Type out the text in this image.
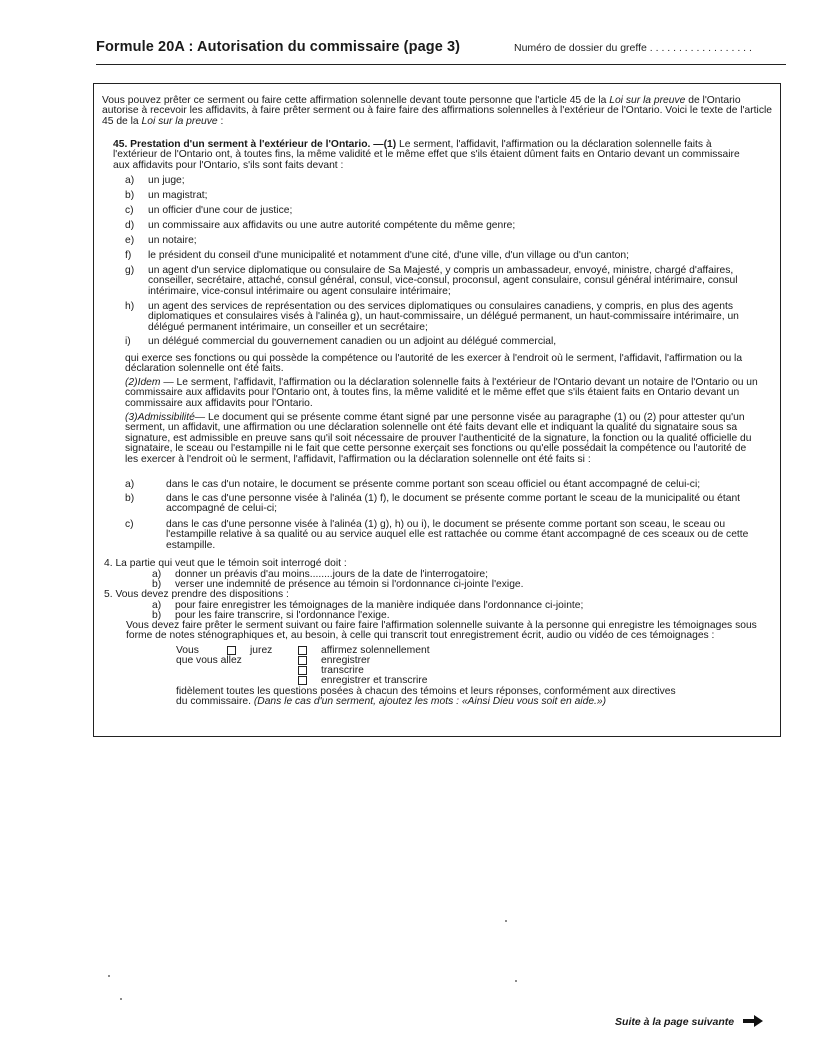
Formule 20A : Autorisation du commissaire (page 3)	Numéro de dossier du greffe . . . . . . . . . . . . . . . . . .

Vous pouvez prêter ce serment ou faire cette affirmation solennelle devant toute personne que l'article 45 de la Loi sur la preuve de l'Ontario autorise à recevoir les affidavits, à faire prêter serment ou à faire faire des affirmations solennelles à l'extérieur de l'Ontario. Voici le texte de l'article 45 de la Loi sur la preuve :

45. Prestation d'un serment à l'extérieur de l'Ontario. —(1) Le serment, l'affidavit, l'affirmation ou la déclaration solennelle faits à l'extérieur de l'Ontario ont, à toutes fins, la même validité et le même effet que s'ils étaient dûment faits en Ontario devant un commissaire aux affidavits pour l'Ontario, s'ils sont faits devant :

a) un juge;
b) un magistrat;
c) un officier d'une cour de justice;
d) un commissaire aux affidavits ou une autre autorité compétente du même genre;
e) un notaire;
f) le président du conseil d'une municipalité et notamment d'une cité, d'une ville, d'un village ou d'un canton;
g) un agent d'un service diplomatique ou consulaire de Sa Majesté, y compris un ambassadeur, envoyé, ministre, chargé d'affaires, conseiller, secrétaire, attaché, consul général, consul, vice-consul, proconsul, agent consulaire, consul général intérimaire, consul intérimaire, vice-consul intérimaire ou agent consulaire intérimaire;
h) un agent des services de représentation ou des services diplomatiques ou consulaires canadiens, y compris, en plus des agents diplomatiques et consulaires visés à l'alinéa g), un haut-commissaire, un délégué permanent, un haut-commissaire intérimaire, un délégué permanent intérimaire, un conseiller et un secrétaire;
i) un délégué commercial du gouvernement canadien ou un adjoint au délégué commercial,
qui exerce ses fonctions ou qui possède la compétence ou l'autorité de les exercer à l'endroit où le serment, l'affidavit, l'affirmation ou la déclaration solennelle ont été faits.
(2)Idem — Le serment, l'affidavit, l'affirmation ou la déclaration solennelle faits à l'extérieur de l'Ontario devant un notaire de l'Ontario ou un commissaire aux affidavits pour l'Ontario ont, à toutes fins, la même validité et le même effet que s'ils étaient faits en Ontario devant un commissaire aux affidavits pour l'Ontario.
(3)Admissibilité— Le document qui se présente comme étant signé par une personne visée au paragraphe (1) ou (2) pour attester qu'un serment, un affidavit, une affirmation ou une déclaration solennelle ont été faits devant elle et indiquant la qualité du signataire sous sa signature, est admissible en preuve sans qu'il soit nécessaire de prouver l'authenticité de la signature, la fonction ou la qualité officielle du signataire, le sceau ou l'estampille ni le fait que cette personne exerçait ses fonctions ou qu'elle possédait la compétence ou l'autorité de les exercer à l'endroit où le serment, l'affidavit, l'affirmation ou la déclaration solennelle ont été faits si :
a)	dans le cas d'un notaire, le document se présente comme portant son sceau officiel ou étant accompagné de celui-ci;
b)	dans le cas d'une personne visée à l'alinéa (1) f), le document se présente comme portant le sceau de la municipalité ou étant accompagné de celui-ci;
c)	dans le cas d'une personne visée à l'alinéa (1) g), h) ou i), le document se présente comme portant son sceau, le sceau ou l'estampille relative à sa qualité ou au service auquel elle est rattachée ou comme étant accompagné de ces sceaux ou de cette estampille.
4. La partie qui veut que le témoin soit interrogé doit :
a) donner un préavis d'au moins........jours de la date de l'interrogatoire;
b) verser une indemnité de présence au témoin si l'ordonnance ci-jointe l'exige.
5. Vous devez prendre des dispositions :
a) pour faire enregistrer les témoignages de la manière indiquée dans l'ordonnance ci-jointe;
b) pour les faire transcrire, si l'ordonnance l'exige.
Vous devez faire prêter le serment suivant ou faire faire l'affirmation solennelle suivante à la personne qui enregistre les témoignages sous forme de notes sténographiques et, au besoin, à celle qui transcrit tout enregistrement écrit, audio ou vidéo de ces témoignages :
Vous
que vous allez
jurez	affirmez solennellement
enregistrer
transcrire
enregistrer et transcrire
fidèlement toutes les questions posées à chacun des témoins et leurs réponses, conformément aux directives
du commissaire. (Dans le cas d'un serment, ajoutez les mots : «Ainsi Dieu vous soit en aide.»)
Suite à la page suivante
